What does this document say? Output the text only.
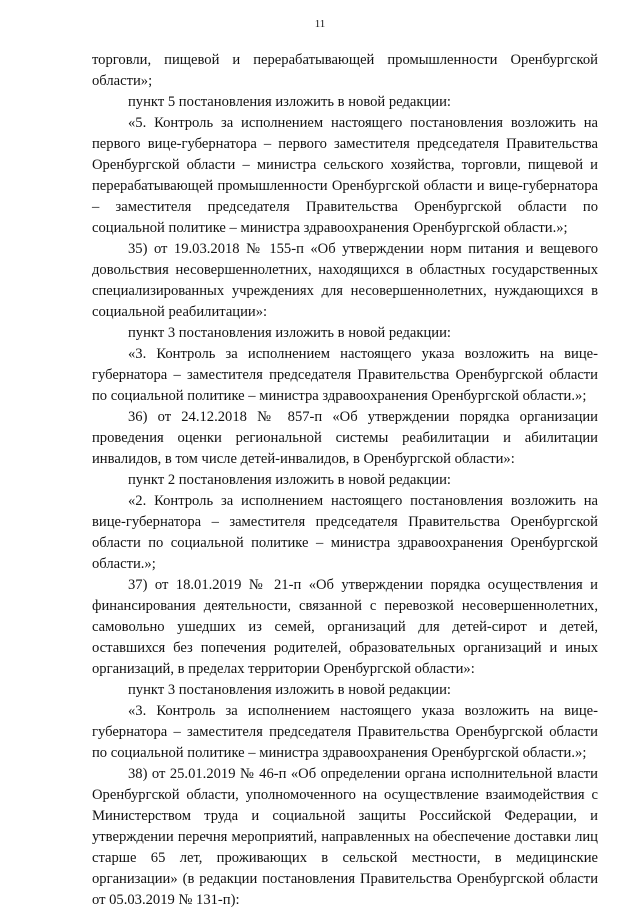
11

торговли, пищевой и перерабатывающей промышленности Оренбургской области»;

пункт 5 постановления изложить в новой редакции:

«5. Контроль за исполнением настоящего постановления возложить на первого вице-губернатора – первого заместителя председателя Правительства Оренбургской области – министра сельского хозяйства, торговли, пищевой и перерабатывающей промышленности Оренбургской области и вице-губернатора – заместителя председателя Правительства Оренбургской области по социальной политике – министра здравоохранения Оренбургской области.»;

35) от 19.03.2018 № 155-п «Об утверждении норм питания и вещевого довольствия несовершеннолетних, находящихся в областных государственных специализированных учреждениях для несовершеннолетних, нуждающихся в социальной реабилитации»:

пункт 3 постановления изложить в новой редакции:

«3. Контроль за исполнением настоящего указа возложить на вице-губернатора – заместителя председателя Правительства Оренбургской области по социальной политике – министра здравоохранения Оренбургской области.»;

36) от 24.12.2018 № 857-п «Об утверждении порядка организации проведения оценки региональной системы реабилитации и абилитации инвалидов, в том числе детей-инвалидов, в Оренбургской области»:

пункт 2 постановления изложить в новой редакции:

«2. Контроль за исполнением настоящего постановления возложить на вице-губернатора – заместителя председателя Правительства Оренбургской области по социальной политике – министра здравоохранения Оренбургской области.»;

37) от 18.01.2019 № 21-п «Об утверждении порядка осуществления и финансирования деятельности, связанной с перевозкой несовершеннолетних, самовольно ушедших из семей, организаций для детей-сирот и детей, оставшихся без попечения родителей, образовательных организаций и иных организаций, в пределах территории Оренбургской области»:

пункт 3 постановления изложить в новой редакции:

«3. Контроль за исполнением настоящего указа возложить на вице-губернатора – заместителя председателя Правительства Оренбургской области по социальной политике – министра здравоохранения Оренбургской области.»;

38) от 25.01.2019 № 46-п «Об определении органа исполнительной власти Оренбургской области, уполномоченного на осуществление взаимодействия с Министерством труда и социальной защиты Российской Федерации, и утверждении перечня мероприятий, направленных на обеспечение доставки лиц старше 65 лет, проживающих в сельской местности, в медицинские организации» (в редакции постановления Правительства Оренбургской области от 05.03.2019 № 131-п):
